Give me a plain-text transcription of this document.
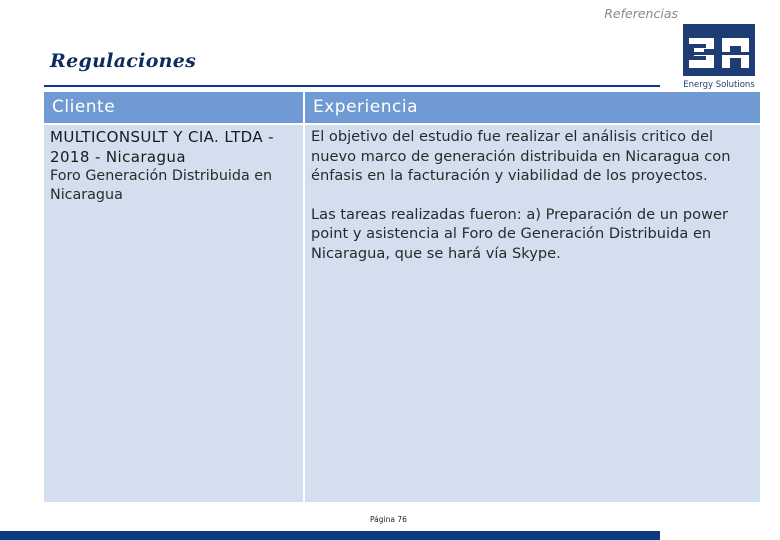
Referencias
Regulaciones
Energy Solutions
Cliente	Experiencia

MULTICONSULT Y CIA. LTDA - 2018 - Nicaragua

Foro Generación Distribuida en Nicaragua

El objetivo del estudio fue realizar el análisis critico del nuevo marco de generación distribuida en Nicaragua con énfasis en la facturación y viabilidad de los proyectos.

Las tareas realizadas fueron: a) Preparación de un power point y asistencia al Foro de Generación Distribuida en Nicaragua, que se hará vía Skype.

Página 76
